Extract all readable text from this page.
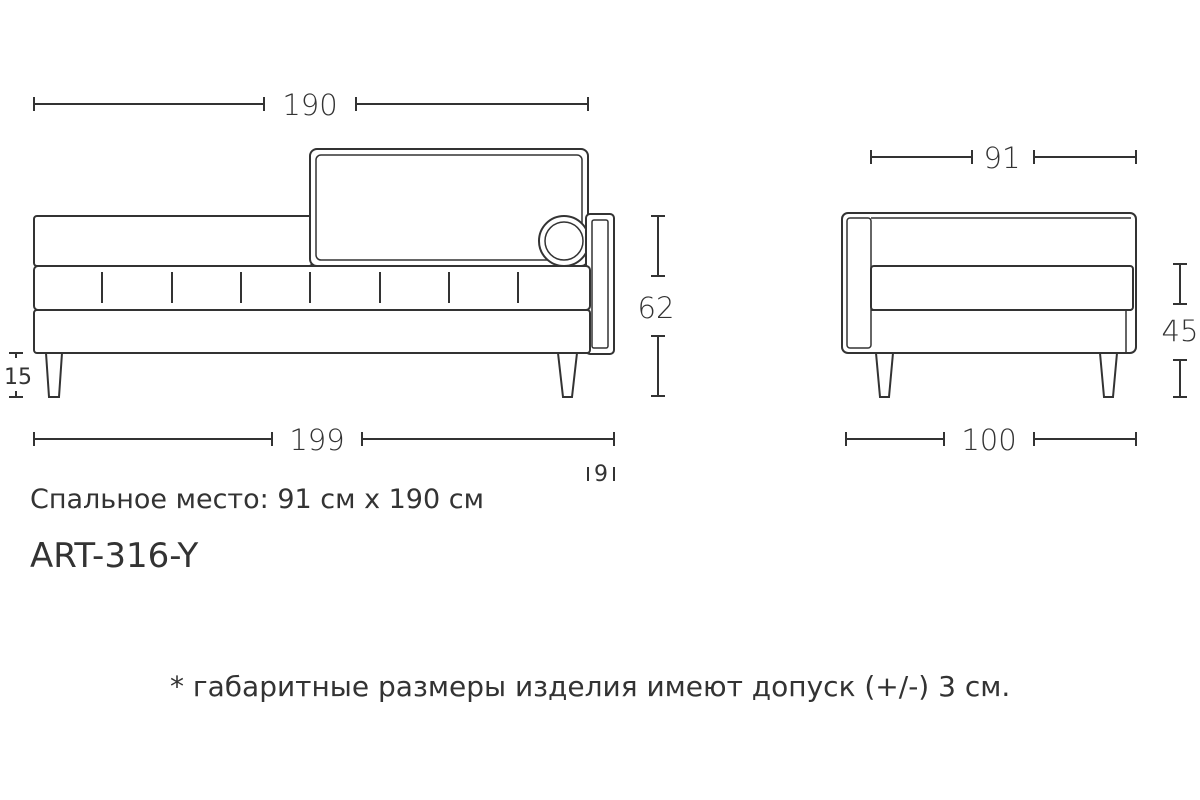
190
62
15
199
9
91
45
100

Спальное место: 91 см x 190 см

ART-316-Y

* габаритные размеры изделия имеют допуск (+/-) 3 см.
